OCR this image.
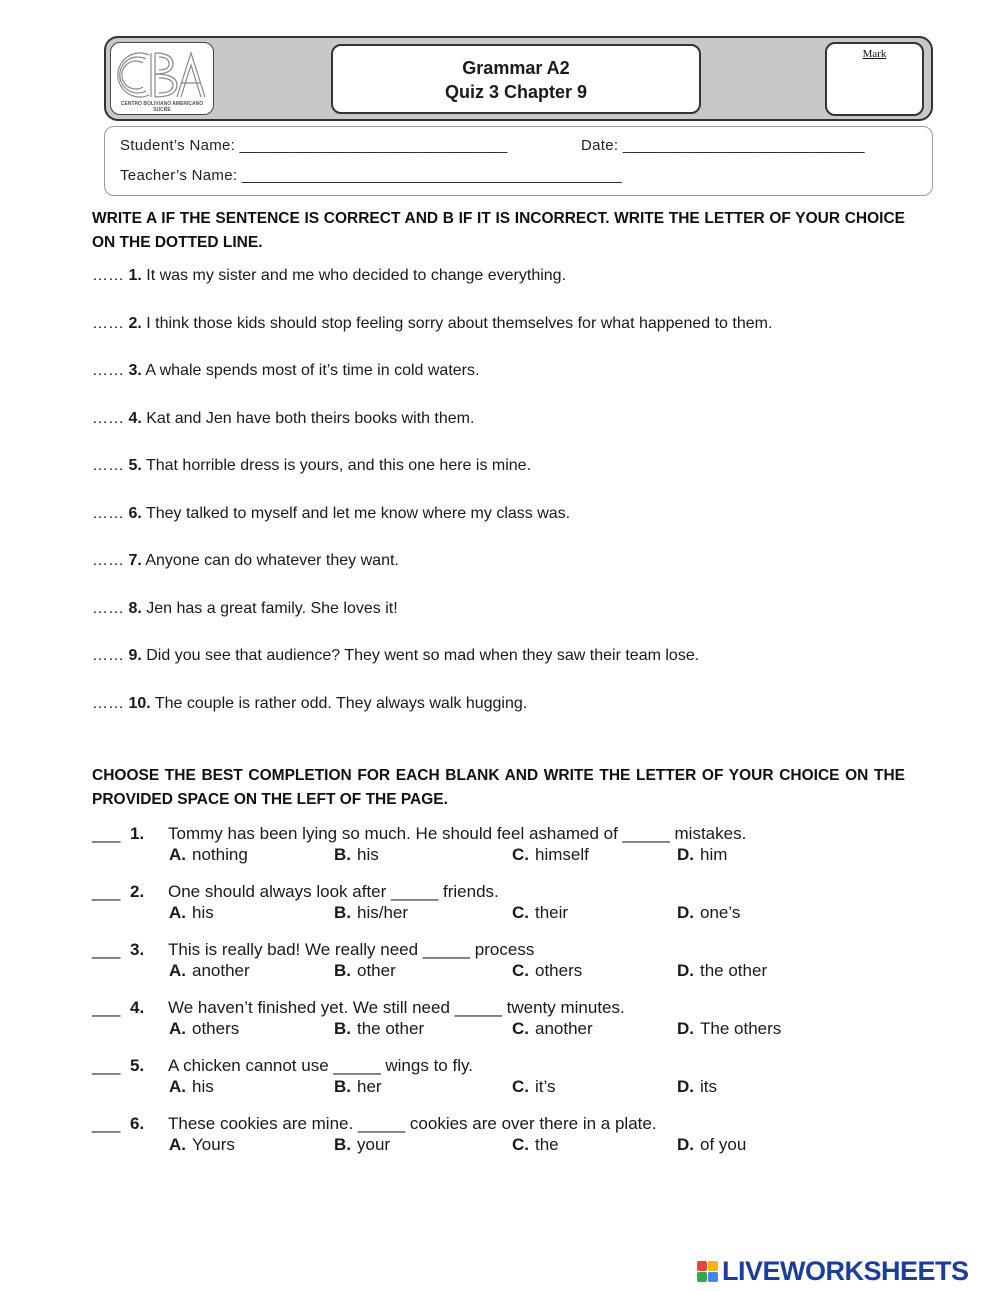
CBA
CENTRO BOLIVIANO AMERICANO SUCRE
Grammar A2
Quiz 3 Chapter 9
Mark
Student’s Name: _______________________________	Date: ____________________________
Teacher’s Name: ____________________________________________
WRITE A IF THE SENTENCE IS CORRECT AND B IF IT IS INCORRECT. WRITE THE LETTER OF YOUR CHOICE ON THE DOTTED LINE.
…… 1. It was my sister and me who decided to change everything.
…… 2. I think those kids should stop feeling sorry about themselves for what happened to them.
…… 3. A whale spends most of it’s time in cold waters.
…… 4. Kat and Jen have both theirs books with them.
…… 5. That horrible dress is yours, and this one here is mine.
…… 6. They talked to myself and let me know where my class was.
…… 7. Anyone can do whatever they want.
…… 8. Jen has a great family. She loves it!
…… 9. Did you see that audience? They went so mad when they saw their team lose.
…… 10. The couple is rather odd. They always walk hugging.
CHOOSE THE BEST COMPLETION FOR EACH BLANK AND WRITE THE LETTER OF YOUR CHOICE ON THE PROVIDED SPACE ON THE LEFT OF THE PAGE.
___ 1. Tommy has been lying so much. He should feel ashamed of _____ mistakes.
A. nothing	B. his	C. himself	D. him
___ 2. One should always look after _____ friends.
A. his	B. his/her	C. their	D. one’s
___ 3. This is really bad! We really need _____ process
A. another	B. other	C. others	D. the other
___ 4. We haven’t finished yet. We still need _____ twenty minutes.
A. others	B. the other	C. another	D. The others
___ 5. A chicken cannot use _____ wings to fly.
A. his	B. her	C. it’s	D. its
___ 6. These cookies are mine. _____ cookies are over there in a plate.
A. Yours	B. your	C. the	D. of you
LIVEWORKSHEETS
